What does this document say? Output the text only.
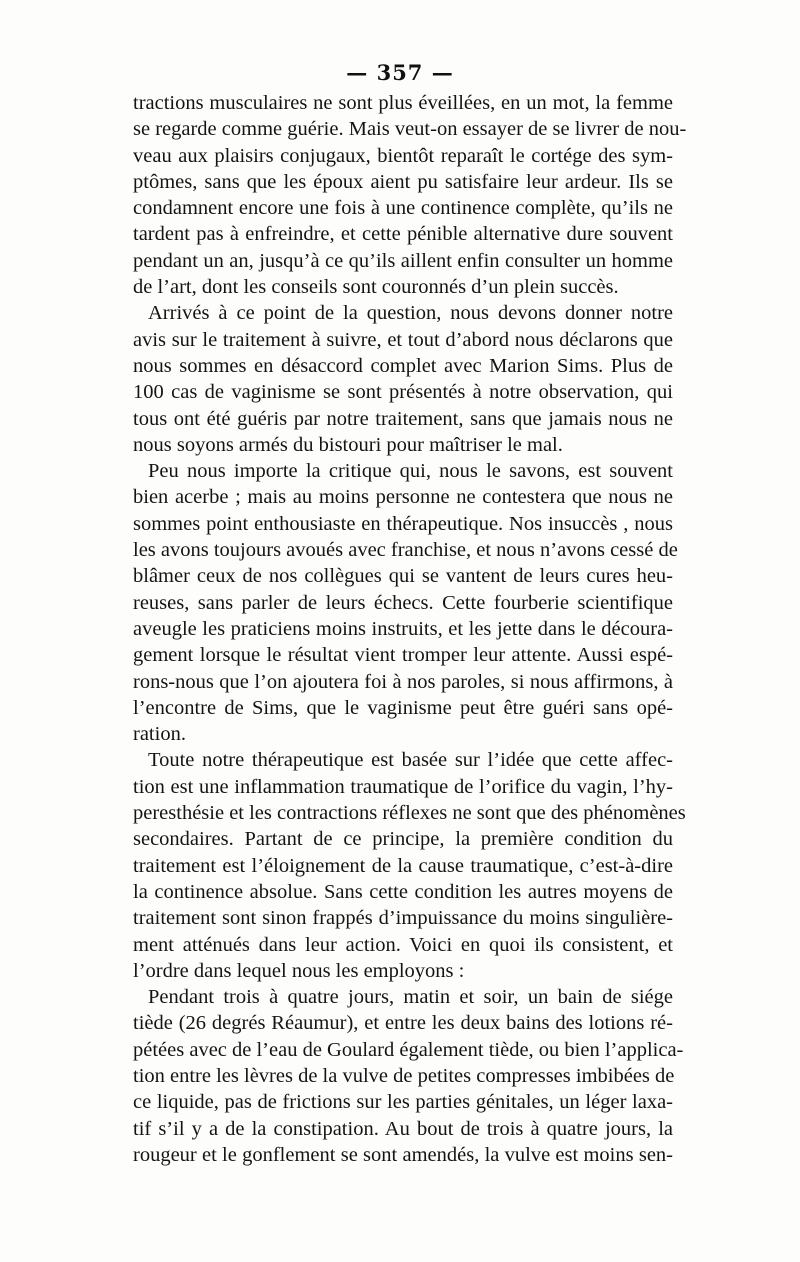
— 357 —
tractions musculaires ne sont plus éveillées, en un mot, la femme
se regarde comme guérie. Mais veut-on essayer de se livrer de nou-
veau aux plaisirs conjugaux, bientôt reparaît le cortége des sym-
ptômes, sans que les époux aient pu satisfaire leur ardeur. Ils se
condamnent encore une fois à une continence complète, qu’ils ne
tardent pas à enfreindre, et cette pénible alternative dure souvent
pendant un an, jusqu’à ce qu’ils aillent enfin consulter un homme
de l’art, dont les conseils sont couronnés d’un plein succès.
Arrivés à ce point de la question, nous devons donner notre
avis sur le traitement à suivre, et tout d’abord nous déclarons que
nous sommes en désaccord complet avec Marion Sims. Plus de
100 cas de vaginisme se sont présentés à notre observation, qui
tous ont été guéris par notre traitement, sans que jamais nous ne
nous soyons armés du bistouri pour maîtriser le mal.
Peu nous importe la critique qui, nous le savons, est souvent
bien acerbe ; mais au moins personne ne contestera que nous ne
sommes point enthousiaste en thérapeutique. Nos insuccès , nous
les avons toujours avoués avec franchise, et nous n’avons cessé de
blâmer ceux de nos collègues qui se vantent de leurs cures heu-
reuses, sans parler de leurs échecs. Cette fourberie scientifique
aveugle les praticiens moins instruits, et les jette dans le découra-
gement lorsque le résultat vient tromper leur attente. Aussi espé-
rons-nous que l’on ajoutera foi à nos paroles, si nous affirmons, à
l’encontre de Sims, que le vaginisme peut être guéri sans opé-
ration.
Toute notre thérapeutique est basée sur l’idée que cette affec-
tion est une inflammation traumatique de l’orifice du vagin, l’hy-
peresthésie et les contractions réflexes ne sont que des phénomènes
secondaires. Partant de ce principe, la première condition du
traitement est l’éloignement de la cause traumatique, c’est-à-dire
la continence absolue. Sans cette condition les autres moyens de
traitement sont sinon frappés d’impuissance du moins singulière-
ment atténués dans leur action. Voici en quoi ils consistent, et
l’ordre dans lequel nous les employons :
Pendant trois à quatre jours, matin et soir, un bain de siége
tiède (26 degrés Réaumur), et entre les deux bains des lotions ré-
pétées avec de l’eau de Goulard également tiède, ou bien l’applica-
tion entre les lèvres de la vulve de petites compresses imbibées de
ce liquide, pas de frictions sur les parties génitales, un léger laxa-
tif s’il y a de la constipation. Au bout de trois à quatre jours, la
rougeur et le gonflement se sont amendés, la vulve est moins sen-
